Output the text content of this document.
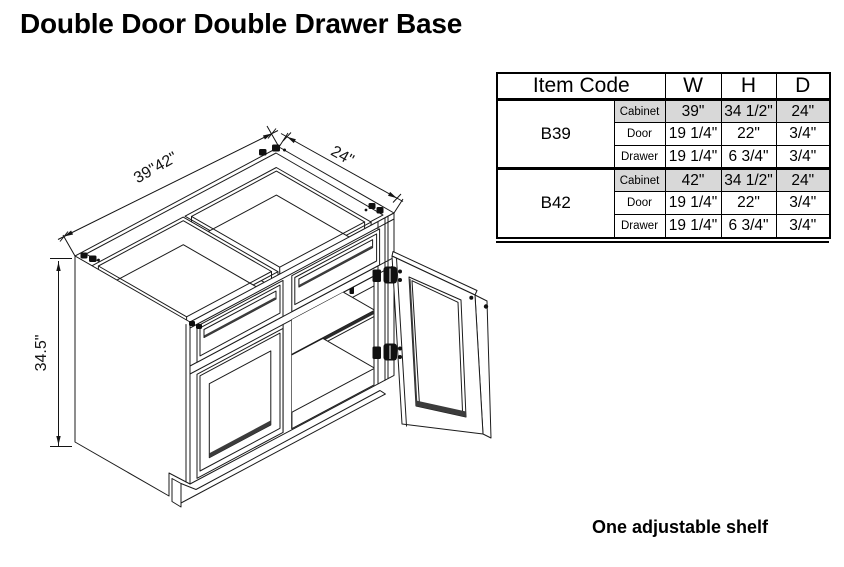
Double Door Double Drawer Base
39"42"	24"
34.5"
Item Code		W	H	D
B39	Cabinet	39"	34 1/2"	24"
	Door	19 1/4"	22"	3/4"
	Drawer	19 1/4"	6 3/4"	3/4"
B42	Cabinet	42"	34 1/2"	24"
	Door	19 1/4"	22"	3/4"
	Drawer	19 1/4"	6 3/4"	3/4"
One adjustable shelf
